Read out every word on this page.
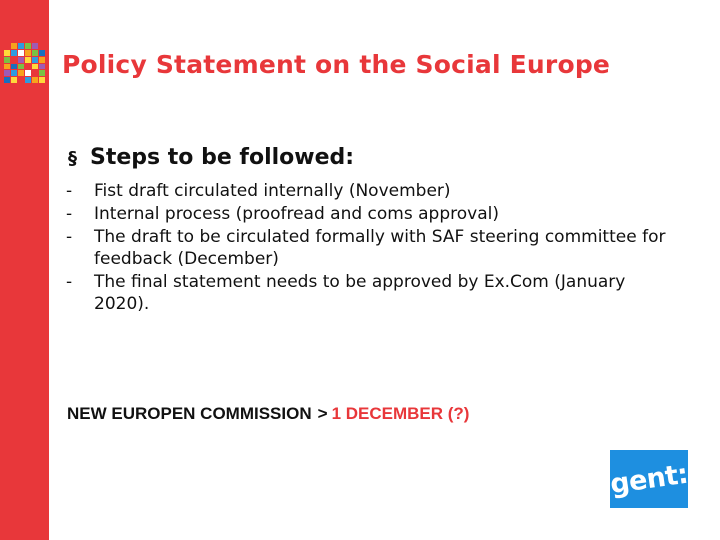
Policy Statement on the Social Europe
§ Steps to be followed:
-	Fist draft circulated internally (November)
-	Internal process (proofread and coms approval)
-	The draft to be circulated formally with SAF steering committee for feedback (December)
-	The final statement needs to be approved by Ex.Com (January 2020).

NEW EUROPEN COMMISSION > 1 DECEMBER (?)

gent:
